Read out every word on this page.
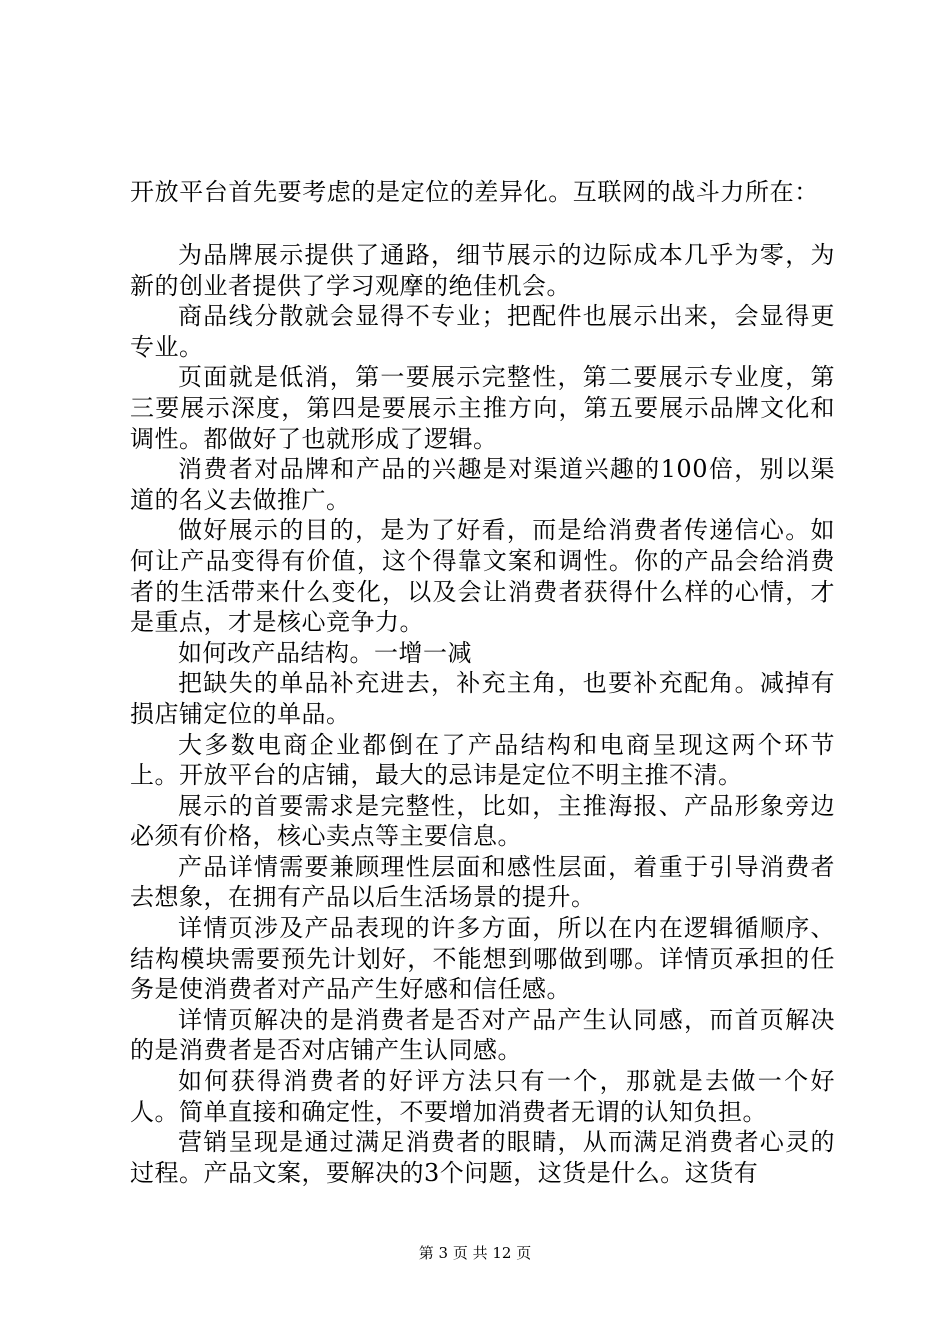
开放平台首先要考虑的是定位的差异化。互联网的战斗力所在：

为品牌展示提供了通路，细节展示的边际成本几乎为零，为新的创业者提供了学习观摩的绝佳机会。

商品线分散就会显得不专业；把配件也展示出来，会显得更专业。

页面就是低消，第一要展示完整性，第二要展示专业度，第三要展示深度，第四是要展示主推方向，第五要展示品牌文化和调性。都做好了也就形成了逻辑。

消费者对品牌和产品的兴趣是对渠道兴趣的100倍，别以渠道的名义去做推广。

做好展示的目的，是为了好看，而是给消费者传递信心。如何让产品变得有价值，这个得靠文案和调性。你的产品会给消费者的生活带来什么变化，以及会让消费者获得什么样的心情，才是重点，才是核心竞争力。

如何改产品结构。一增一减

把缺失的单品补充进去，补充主角，也要补充配角。减掉有损店铺定位的单品。

大多数电商企业都倒在了产品结构和电商呈现这两个环节上。开放平台的店铺，最大的忌讳是定位不明主推不清。

展示的首要需求是完整性，比如，主推海报、产品形象旁边必须有价格，核心卖点等主要信息。

产品详情需要兼顾理性层面和感性层面，着重于引导消费者去想象，在拥有产品以后生活场景的提升。

详情页涉及产品表现的许多方面，所以在内在逻辑循顺序、结构模块需要预先计划好，不能想到哪做到哪。详情页承担的任务是使消费者对产品产生好感和信任感。

详情页解决的是消费者是否对产品产生认同感，而首页解决的是消费者是否对店铺产生认同感。

如何获得消费者的好评方法只有一个，那就是去做一个好人。简单直接和确定性，不要增加消费者无谓的认知负担。

营销呈现是通过满足消费者的眼睛，从而满足消费者心灵的过程。产品文案，要解决的3个问题，这货是什么。这货有

第 3 页 共 12 页
